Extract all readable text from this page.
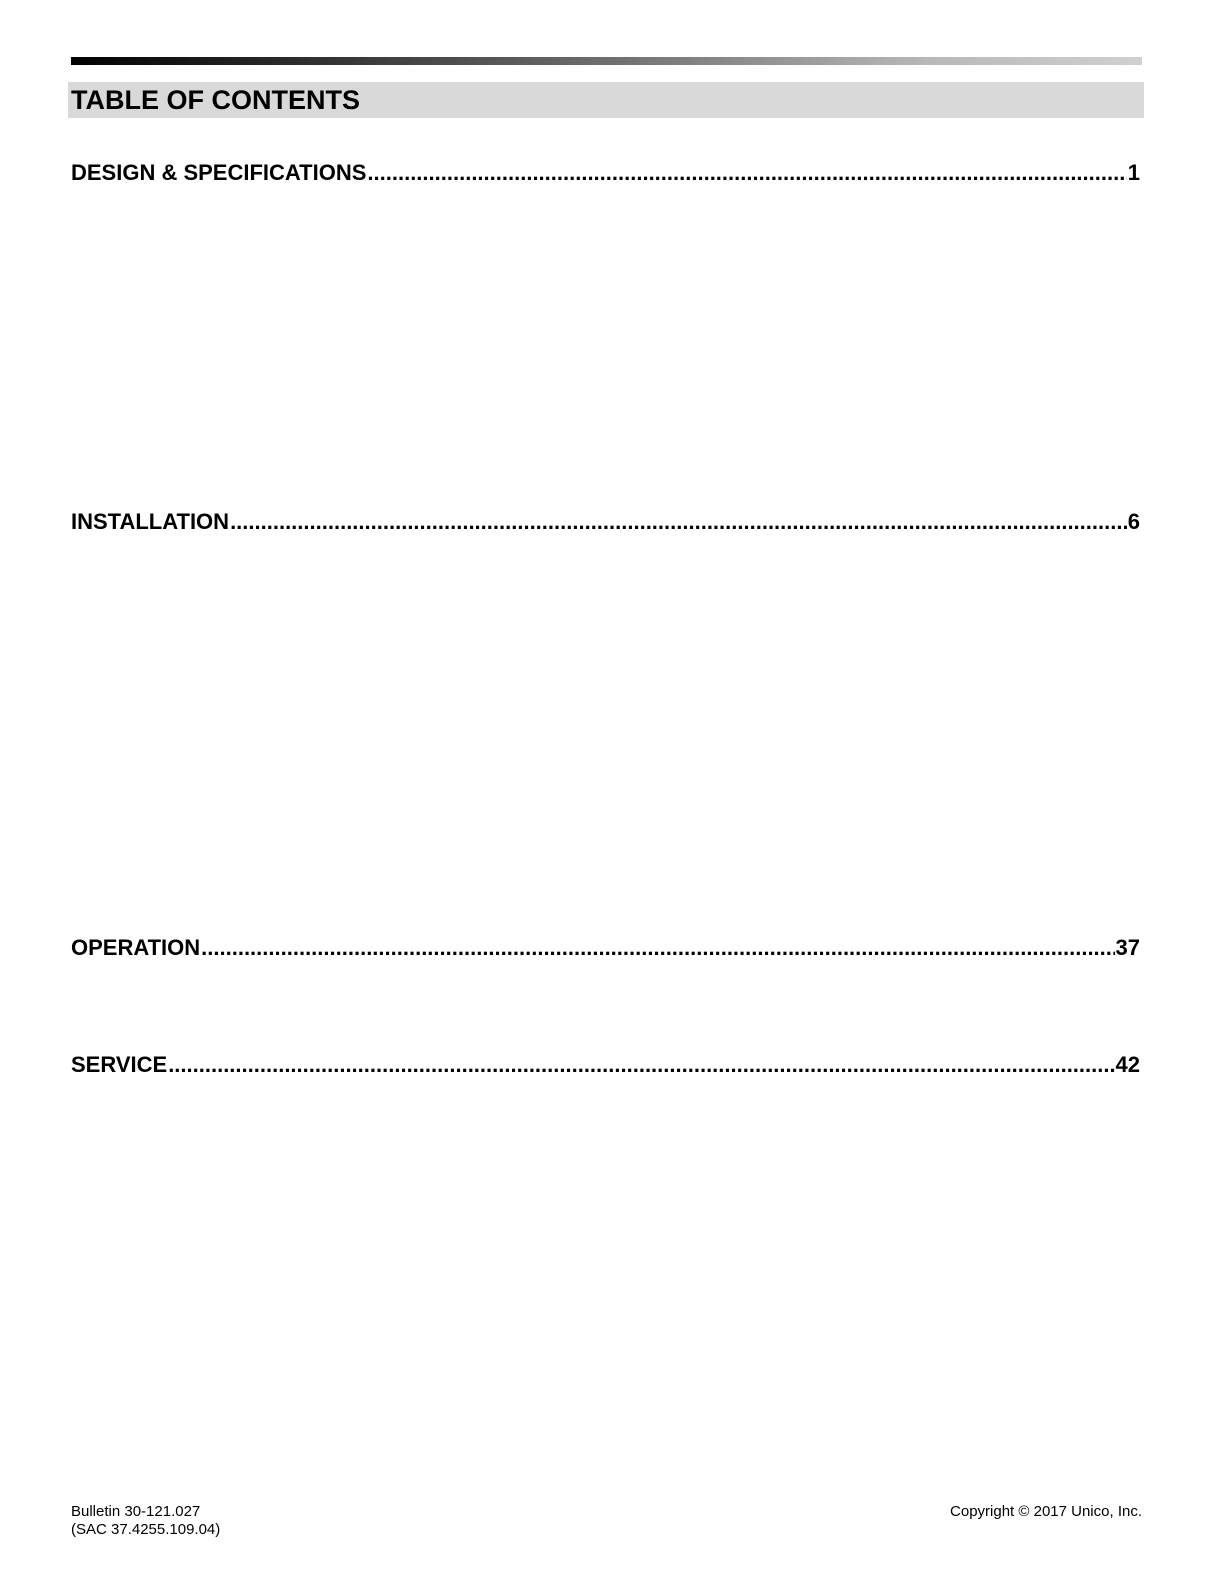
TABLE OF CONTENTS
DESIGN & SPECIFICATIONS .....	1
INSTALLATION .....	6
OPERATION .....	37
SERVICE .....	42
Bulletin 30-121.027
(SAC 37.4255.109.04)
Copyright © 2017 Unico, Inc.
